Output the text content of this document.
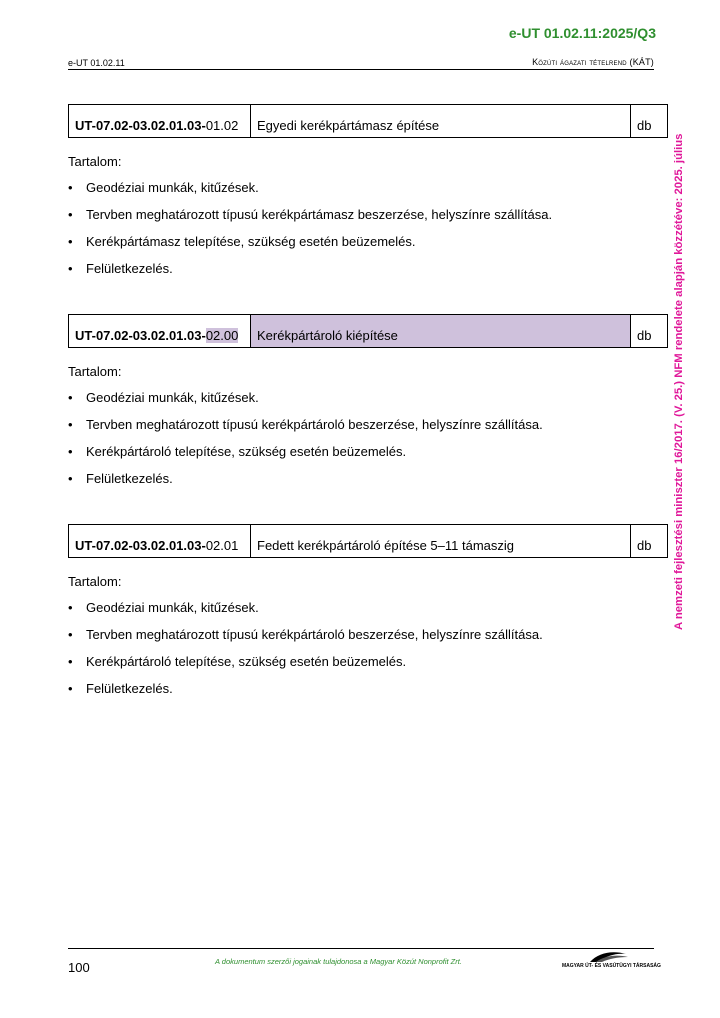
e-UT 01.02.11:2025/Q3
e-UT 01.02.11	Közúti ágazati tételrend (KÁT)
A nemzeti fejlesztési miniszter 16/2017. (V. 25.) NFM rendelete alapján közzétéve: 2025. július
UT-07.02-03.02.01.03-01.02	Egyedi kerékpártámasz építése	db

Tartalom:

• Geodéziai munkák, kitűzések.
• Tervben meghatározott típusú kerékpártámasz beszerzése, helyszínre szállítása.
• Kerékpártámasz telepítése, szükség esetén beüzemelés.
• Felületkezelés.
UT-07.02-03.02.01.03-02.00	Kerékpártároló kiépítése	db

Tartalom:

• Geodéziai munkák, kitűzések.
• Tervben meghatározott típusú kerékpártároló beszerzése, helyszínre szállítása.
• Kerékpártároló telepítése, szükség esetén beüzemelés.
• Felületkezelés.
UT-07.02-03.02.01.03-02.01	Fedett kerékpártároló építése 5–11 támaszig	db

Tartalom:

• Geodéziai munkák, kitűzések.
• Tervben meghatározott típusú kerékpártároló beszerzése, helyszínre szállítása.
• Kerékpártároló telepítése, szükség esetén beüzemelés.
• Felületkezelés.
100	A dokumentum szerzői jogainak tulajdonosa a Magyar Közút Nonprofit Zrt.	MAGYAR ÚT- ÉS VASÚTÜGYI TÁRSASÁG
